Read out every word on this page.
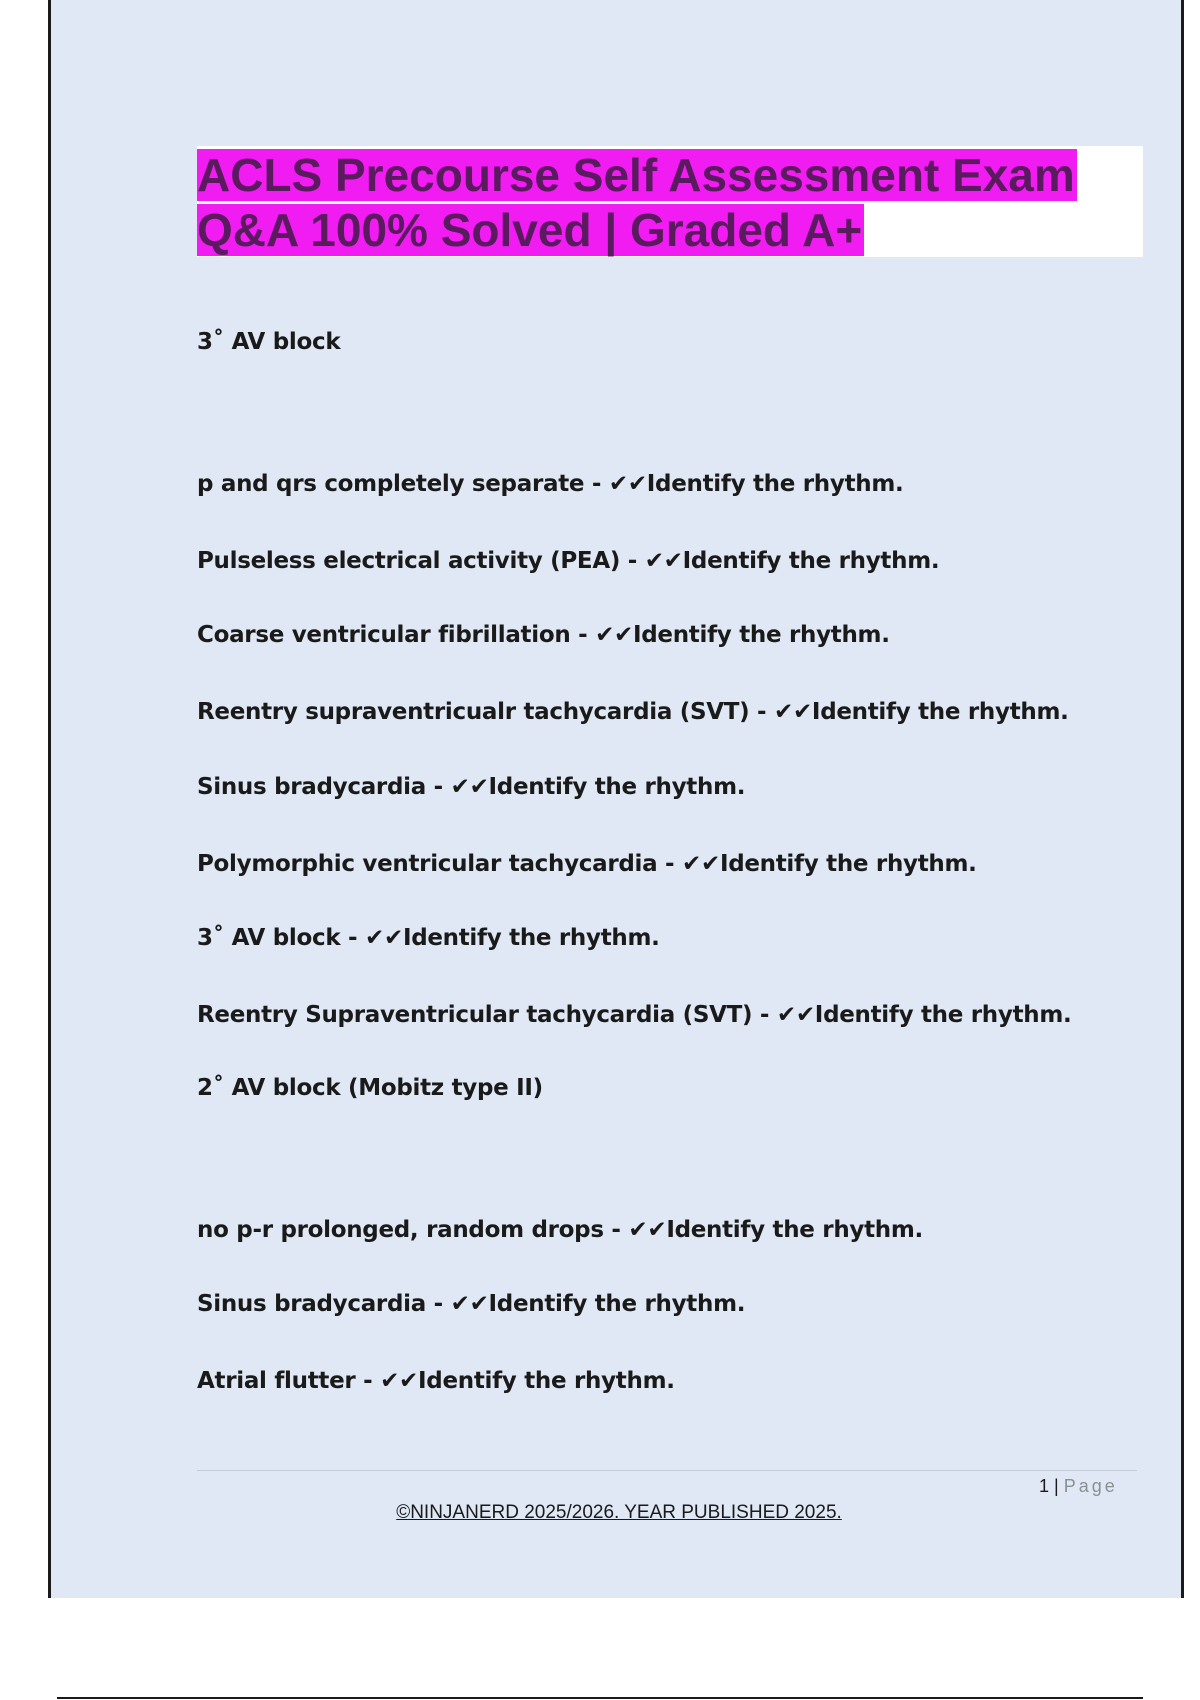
ACLS Precourse Self Assessment Exam
Q&A 100% Solved | Graded A+
3˚ AV block
p and qrs completely separate - ✔✔Identify the rhythm.
Pulseless electrical activity (PEA) - ✔✔Identify the rhythm.
Coarse ventricular fibrillation - ✔✔Identify the rhythm.
Reentry supraventricualr tachycardia (SVT) - ✔✔Identify the rhythm.
Sinus bradycardia - ✔✔Identify the rhythm.
Polymorphic ventricular tachycardia - ✔✔Identify the rhythm.
3˚ AV block - ✔✔Identify the rhythm.
Reentry Supraventricular tachycardia (SVT) - ✔✔Identify the rhythm.
2˚ AV block (Mobitz type II)
no p-r prolonged, random drops - ✔✔Identify the rhythm.
Sinus bradycardia - ✔✔Identify the rhythm.
Atrial flutter - ✔✔Identify the rhythm.
1 | Page
©NINJANERD 2025/2026. YEAR PUBLISHED 2025.
